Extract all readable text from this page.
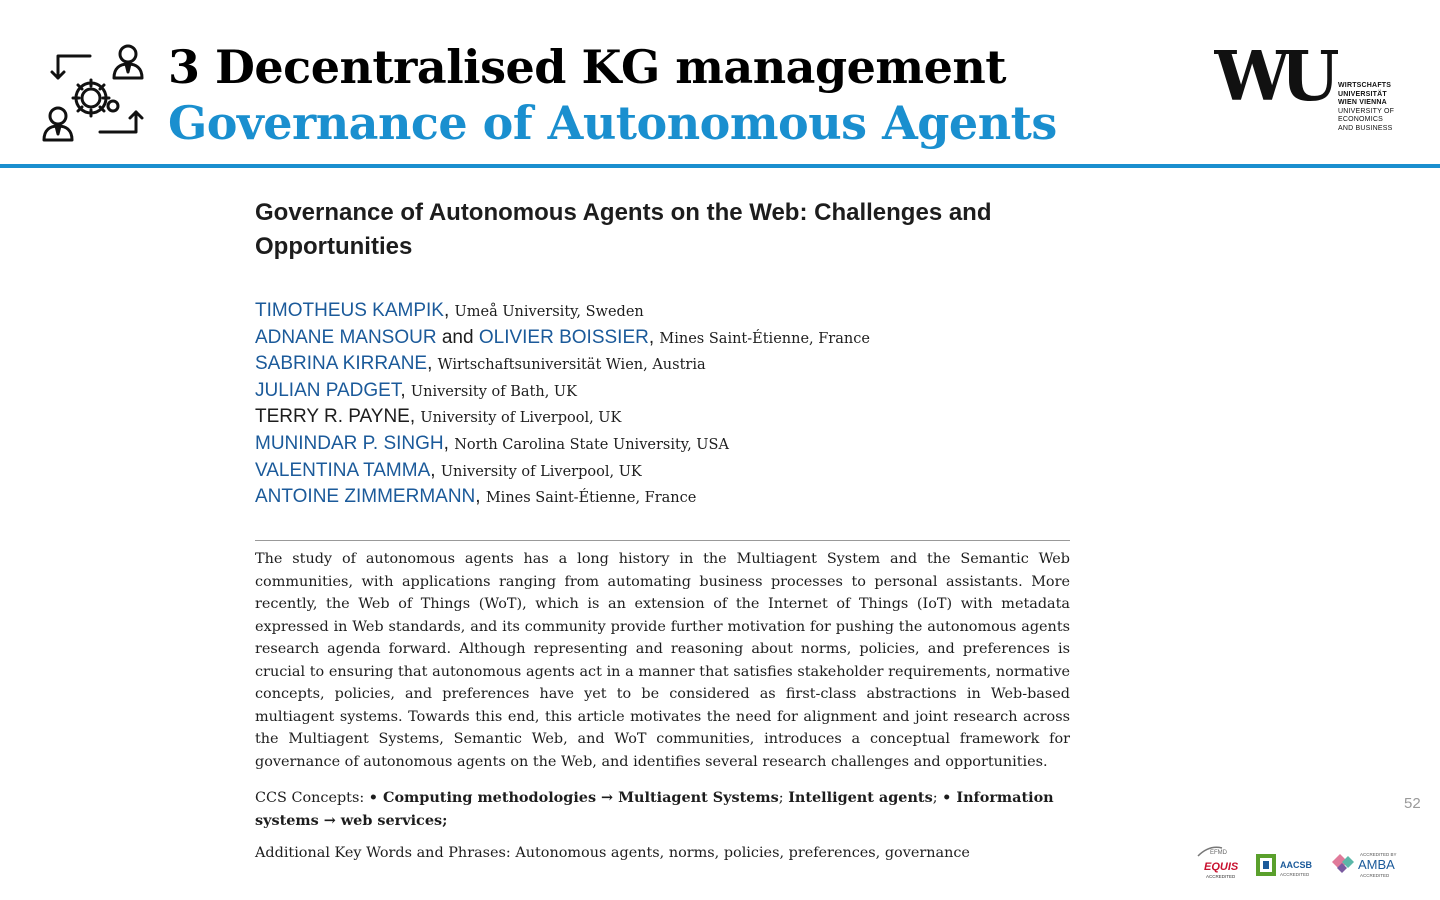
3 Decentralised KG management
Governance of Autonomous Agents
WU	WIRTSCHAFTS
UNIVERSITÄT
WIEN VIENNA
UNIVERSITY OF
ECONOMICS
AND BUSINESS
Governance of Autonomous Agents on the Web: Challenges and Opportunities
TIMOTHEUS KAMPIK, Umeå University, Sweden
ADNANE MANSOUR and OLIVIER BOISSIER, Mines Saint-Étienne, France
SABRINA KIRRANE, Wirtschaftsuniversität Wien, Austria
JULIAN PADGET, University of Bath, UK
TERRY R. PAYNE, University of Liverpool, UK
MUNINDAR P. SINGH, North Carolina State University, USA
VALENTINA TAMMA, University of Liverpool, UK
ANTOINE ZIMMERMANN, Mines Saint-Étienne, France
The study of autonomous agents has a long history in the Multiagent System and the Semantic Web communities, with applications ranging from automating business processes to personal assistants. More recently, the Web of Things (WoT), which is an extension of the Internet of Things (IoT) with metadata expressed in Web standards, and its community provide further motivation for pushing the autonomous agents research agenda forward. Although representing and reasoning about norms, policies, and preferences is crucial to ensuring that autonomous agents act in a manner that satisfies stakeholder requirements, normative concepts, policies, and preferences have yet to be considered as first-class abstractions in Web-based multiagent systems. Towards this end, this article motivates the need for alignment and joint research across the Multiagent Systems, Semantic Web, and WoT communities, introduces a conceptual framework for governance of autonomous agents on the Web, and identifies several research challenges and opportunities.
CCS Concepts: • Computing methodologies → Multiagent Systems; Intelligent agents; • Information systems → web services;
Additional Key Words and Phrases: Autonomous agents, norms, policies, preferences, governance
52
EFMD
EQUIS
ACCREDITED
AACSB
ACCREDITED
ACCREDITED BY
AMBA
ACCREDITED
